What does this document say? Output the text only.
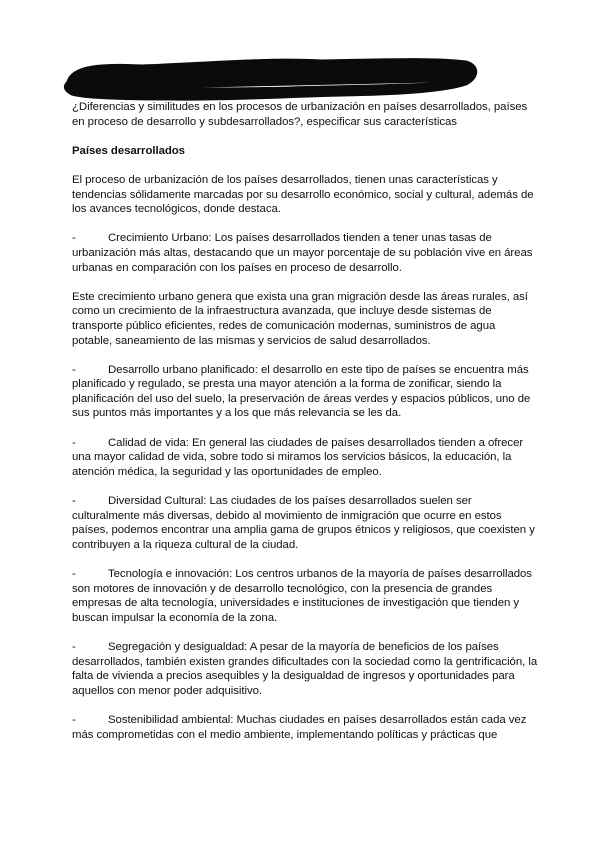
¿Diferencias y similitudes en los procesos de urbanización en países desarrollados, países en proceso de desarrollo y subdesarrollados?, especificar sus características

Países desarrollados

El proceso de urbanización de los países desarrollados, tienen unas características y tendencias sólidamente marcadas por su desarrollo económico, social y cultural, además de los avances tecnológicos, donde destaca.

-	Crecimiento Urbano: Los países desarrollados tienden a tener unas tasas de urbanización más altas, destacando que un mayor porcentaje de su población vive en áreas urbanas en comparación con los países en proceso de desarrollo.

Este crecimiento urbano genera que exista una gran migración desde las áreas rurales, así como un crecimiento de la infraestructura avanzada, que incluye desde sistemas de transporte público eficientes, redes de comunicación modernas, suministros de agua potable, saneamiento de las mismas y servicios de salud desarrollados.

-	Desarrollo urbano planificado: el desarrollo en este tipo de países se encuentra más planificado y regulado, se presta una mayor atención a la forma de zonificar, siendo la planificación del uso del suelo, la preservación de áreas verdes y espacios públicos, uno de sus puntos más importantes y a los que más relevancia se les da.

-	Calidad de vida: En general las ciudades de países desarrollados tienden a ofrecer una mayor calidad de vida, sobre todo si miramos los servicios básicos, la educación, la atención médica, la seguridad y las oportunidades de empleo.

-	Diversidad Cultural: Las ciudades de los países desarrollados suelen ser culturalmente más diversas, debido al movimiento de inmigración que ocurre en estos países, podemos encontrar una amplia gama de grupos étnicos y religiosos, que coexisten y contribuyen a la riqueza cultural de la ciudad.

-	Tecnología e innovación: Los centros urbanos de la mayoría de países desarrollados son motores de innovación y de desarrollo tecnológico, con la presencia de grandes empresas de alta tecnología, universidades e instituciones de investigación que tienden y buscan impulsar la economía de la zona.

-	Segregación y desigualdad: A pesar de la mayoría de beneficios de los países desarrollados, también existen grandes dificultades con la sociedad como la gentrificación, la falta de vivienda a precios asequibles y la desigualdad de ingresos y oportunidades para aquellos con menor poder adquisitivo.

-	Sostenibilidad ambiental: Muchas ciudades en países desarrollados están cada vez más comprometidas con el medio ambiente, implementando políticas y prácticas que
